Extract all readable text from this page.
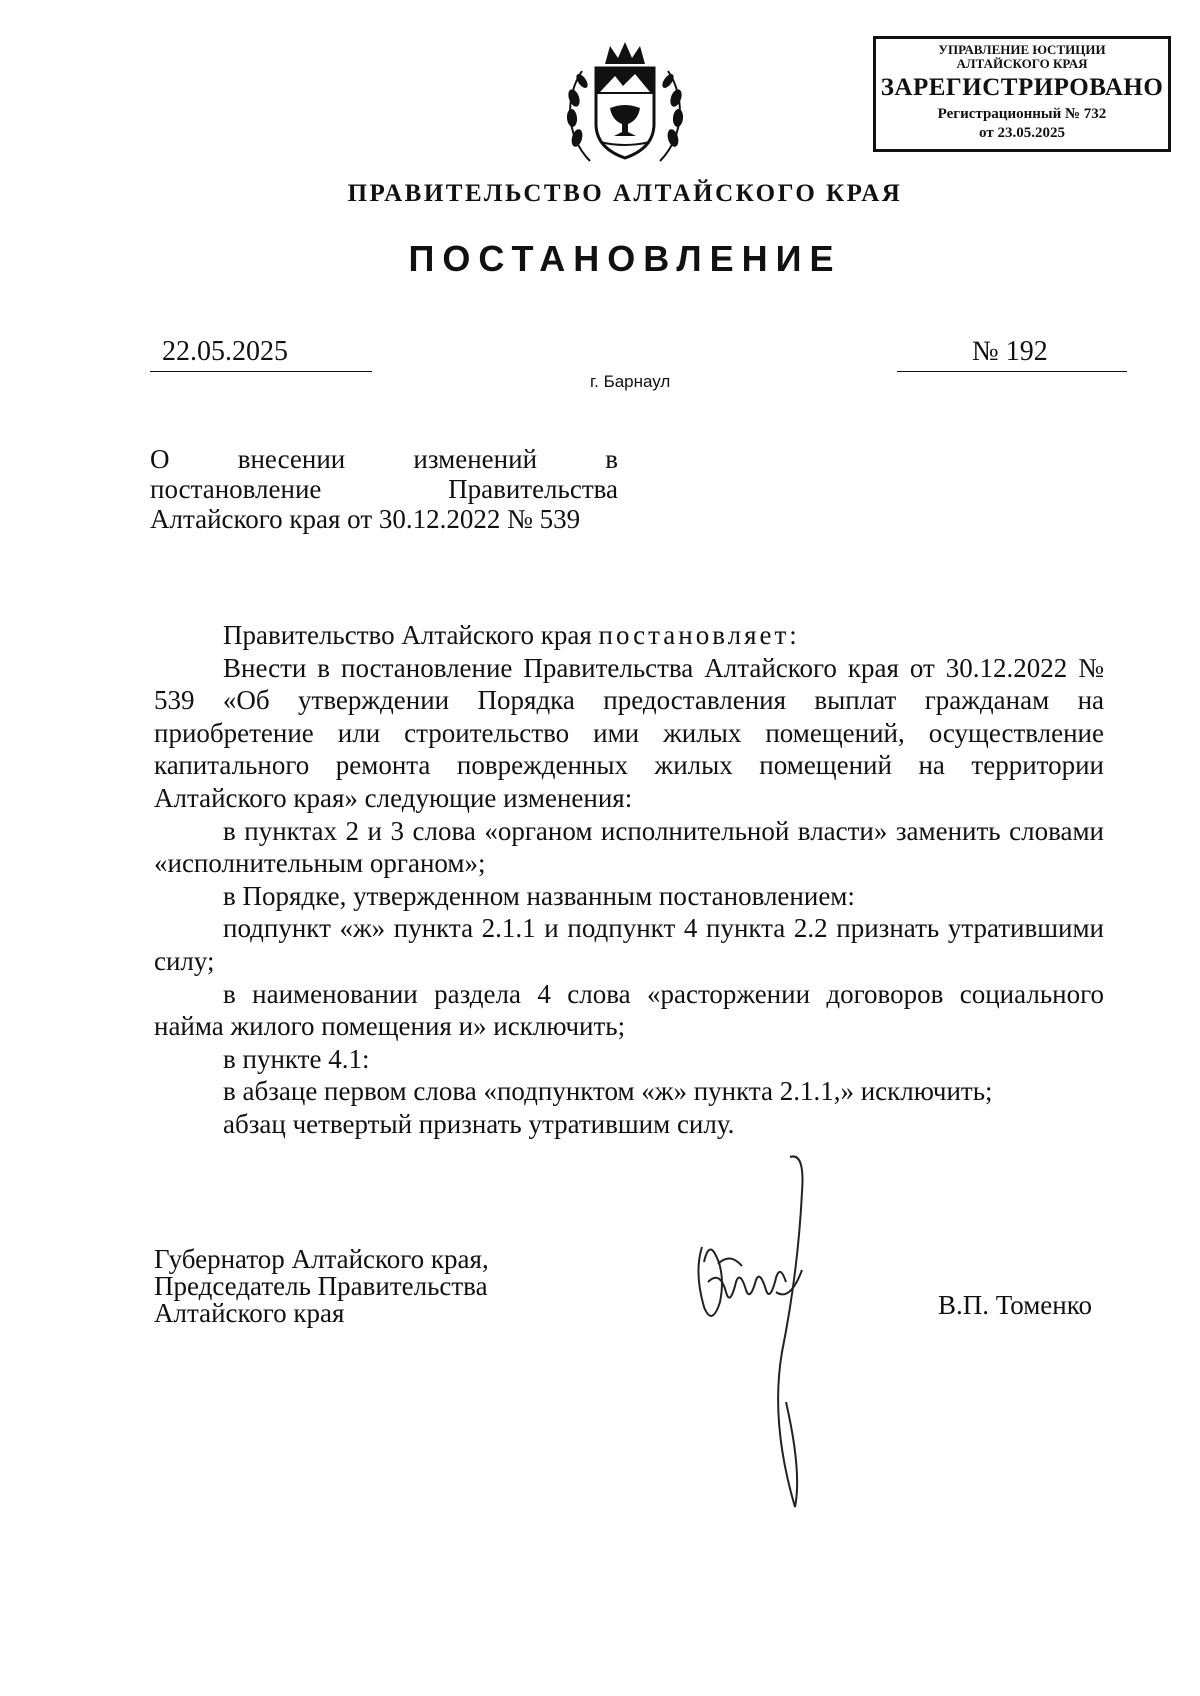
УПРАВЛЕНИЕ ЮСТИЦИИ
АЛТАЙСКОГО КРАЯ
ЗАРЕГИСТРИРОВАНО
Регистрационный № 732
от 23.05.2025
ПРАВИТЕЛЬСТВО АЛТАЙСКОГО КРАЯ
ПОСТАНОВЛЕНИЕ
22.05.2025	№ 192
г. Барнаул
О внесении изменений в
постановление Правительства
Алтайского края от 30.12.2022 № 539

Правительство Алтайского края постановляет:

Внести в постановление Правительства Алтайского края от 30.12.2022 № 539 «Об утверждении Порядка предоставления выплат гражданам на приобретение или строительство ими жилых помещений, осуществление капитального ремонта поврежденных жилых помещений на территории Алтайского края» следующие изменения:

в пунктах 2 и 3 слова «органом исполнительной власти» заменить словами «исполнительным органом»;

в Порядке, утвержденном названным постановлением:

подпункт «ж» пункта 2.1.1 и подпункт 4 пункта 2.2 признать утратившими силу;

в наименовании раздела 4 слова «расторжении договоров социального найма жилого помещения и» исключить;

в пункте 4.1:

в абзаце первом слова «подпунктом «ж» пункта 2.1.1,» исключить;

абзац четвертый признать утратившим силу.

Губернатор Алтайского края,
Председатель Правительства
Алтайского края	В.П. Томенко
